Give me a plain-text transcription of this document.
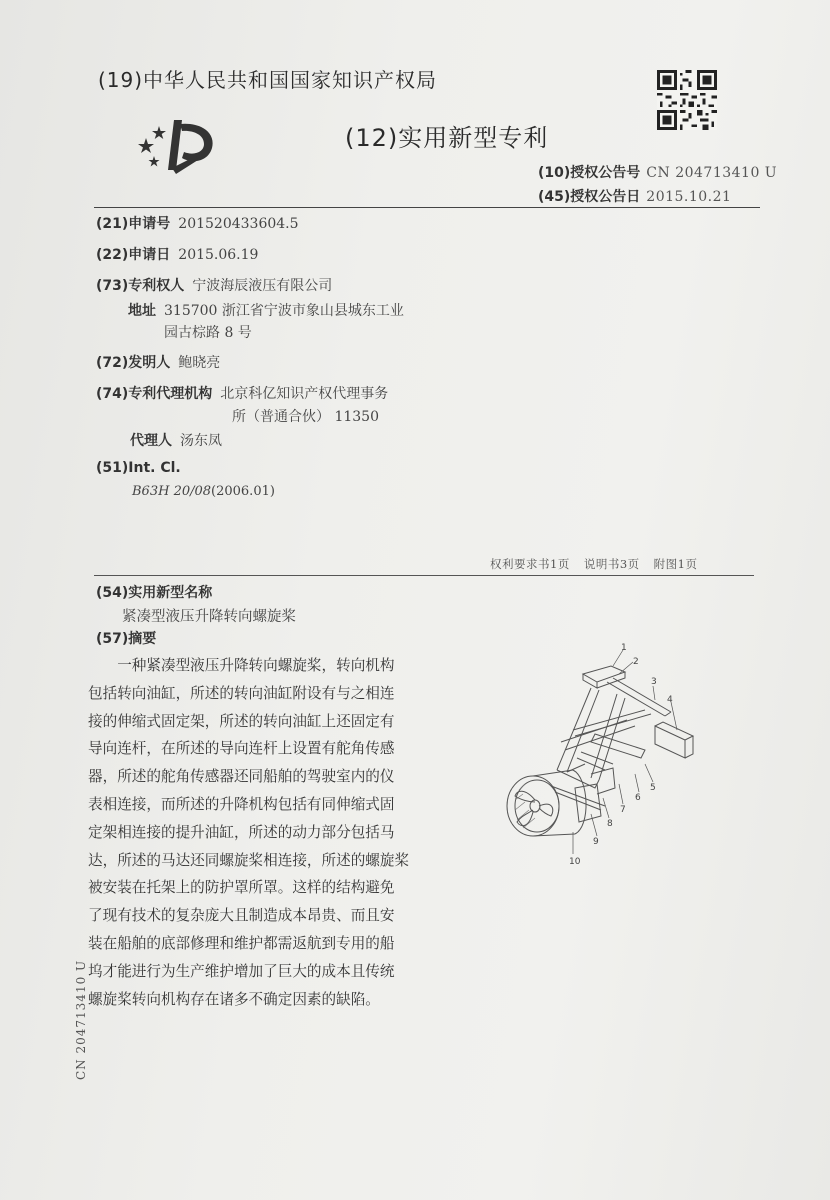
(19)中华人民共和国国家知识产权局
(12)实用新型专利
(10)授权公告号 CN 204713410 U
(45)授权公告日 2015.10.21
(21)申请号 201520433604.5
(22)申请日 2015.06.19
(73)专利权人 宁波海辰液压有限公司
地址 315700 浙江省宁波市象山县城东工业
园古棕路 8 号
(72)发明人 鲍晓亮
(74)专利代理机构 北京科亿知识产权代理事务
所（普通合伙） 11350
代理人 汤东凤
(51)Int. Cl.
B63H 20/08(2006.01)
权利要求书1页 说明书3页 附图1页
(54)实用新型名称
紧凑型液压升降转向螺旋桨
(57)摘要
　　一种紧凑型液压升降转向螺旋桨，转向机构
包括转向油缸，所述的转向油缸附设有与之相连
接的伸缩式固定架，所述的转向油缸上还固定有
导向连杆，在所述的导向连杆上设置有舵角传感
器，所述的舵角传感器还同船舶的驾驶室内的仪
表相连接，而所述的升降机构包括有同伸缩式固
定架相连接的提升油缸，所述的动力部分包括马
达，所述的马达还同螺旋桨相连接，所述的螺旋桨
被安装在托架上的防护罩所罩。这样的结构避免
了现有技术的复杂庞大且制造成本昂贵、而且安
装在船舶的底部修理和维护都需返航到专用的船
坞才能进行为生产维护增加了巨大的成本且传统
螺旋桨转向机构存在诸多不确定因素的缺陷。
1
2
3
4
5
6
7
8
9
10
CN 204713410 U
